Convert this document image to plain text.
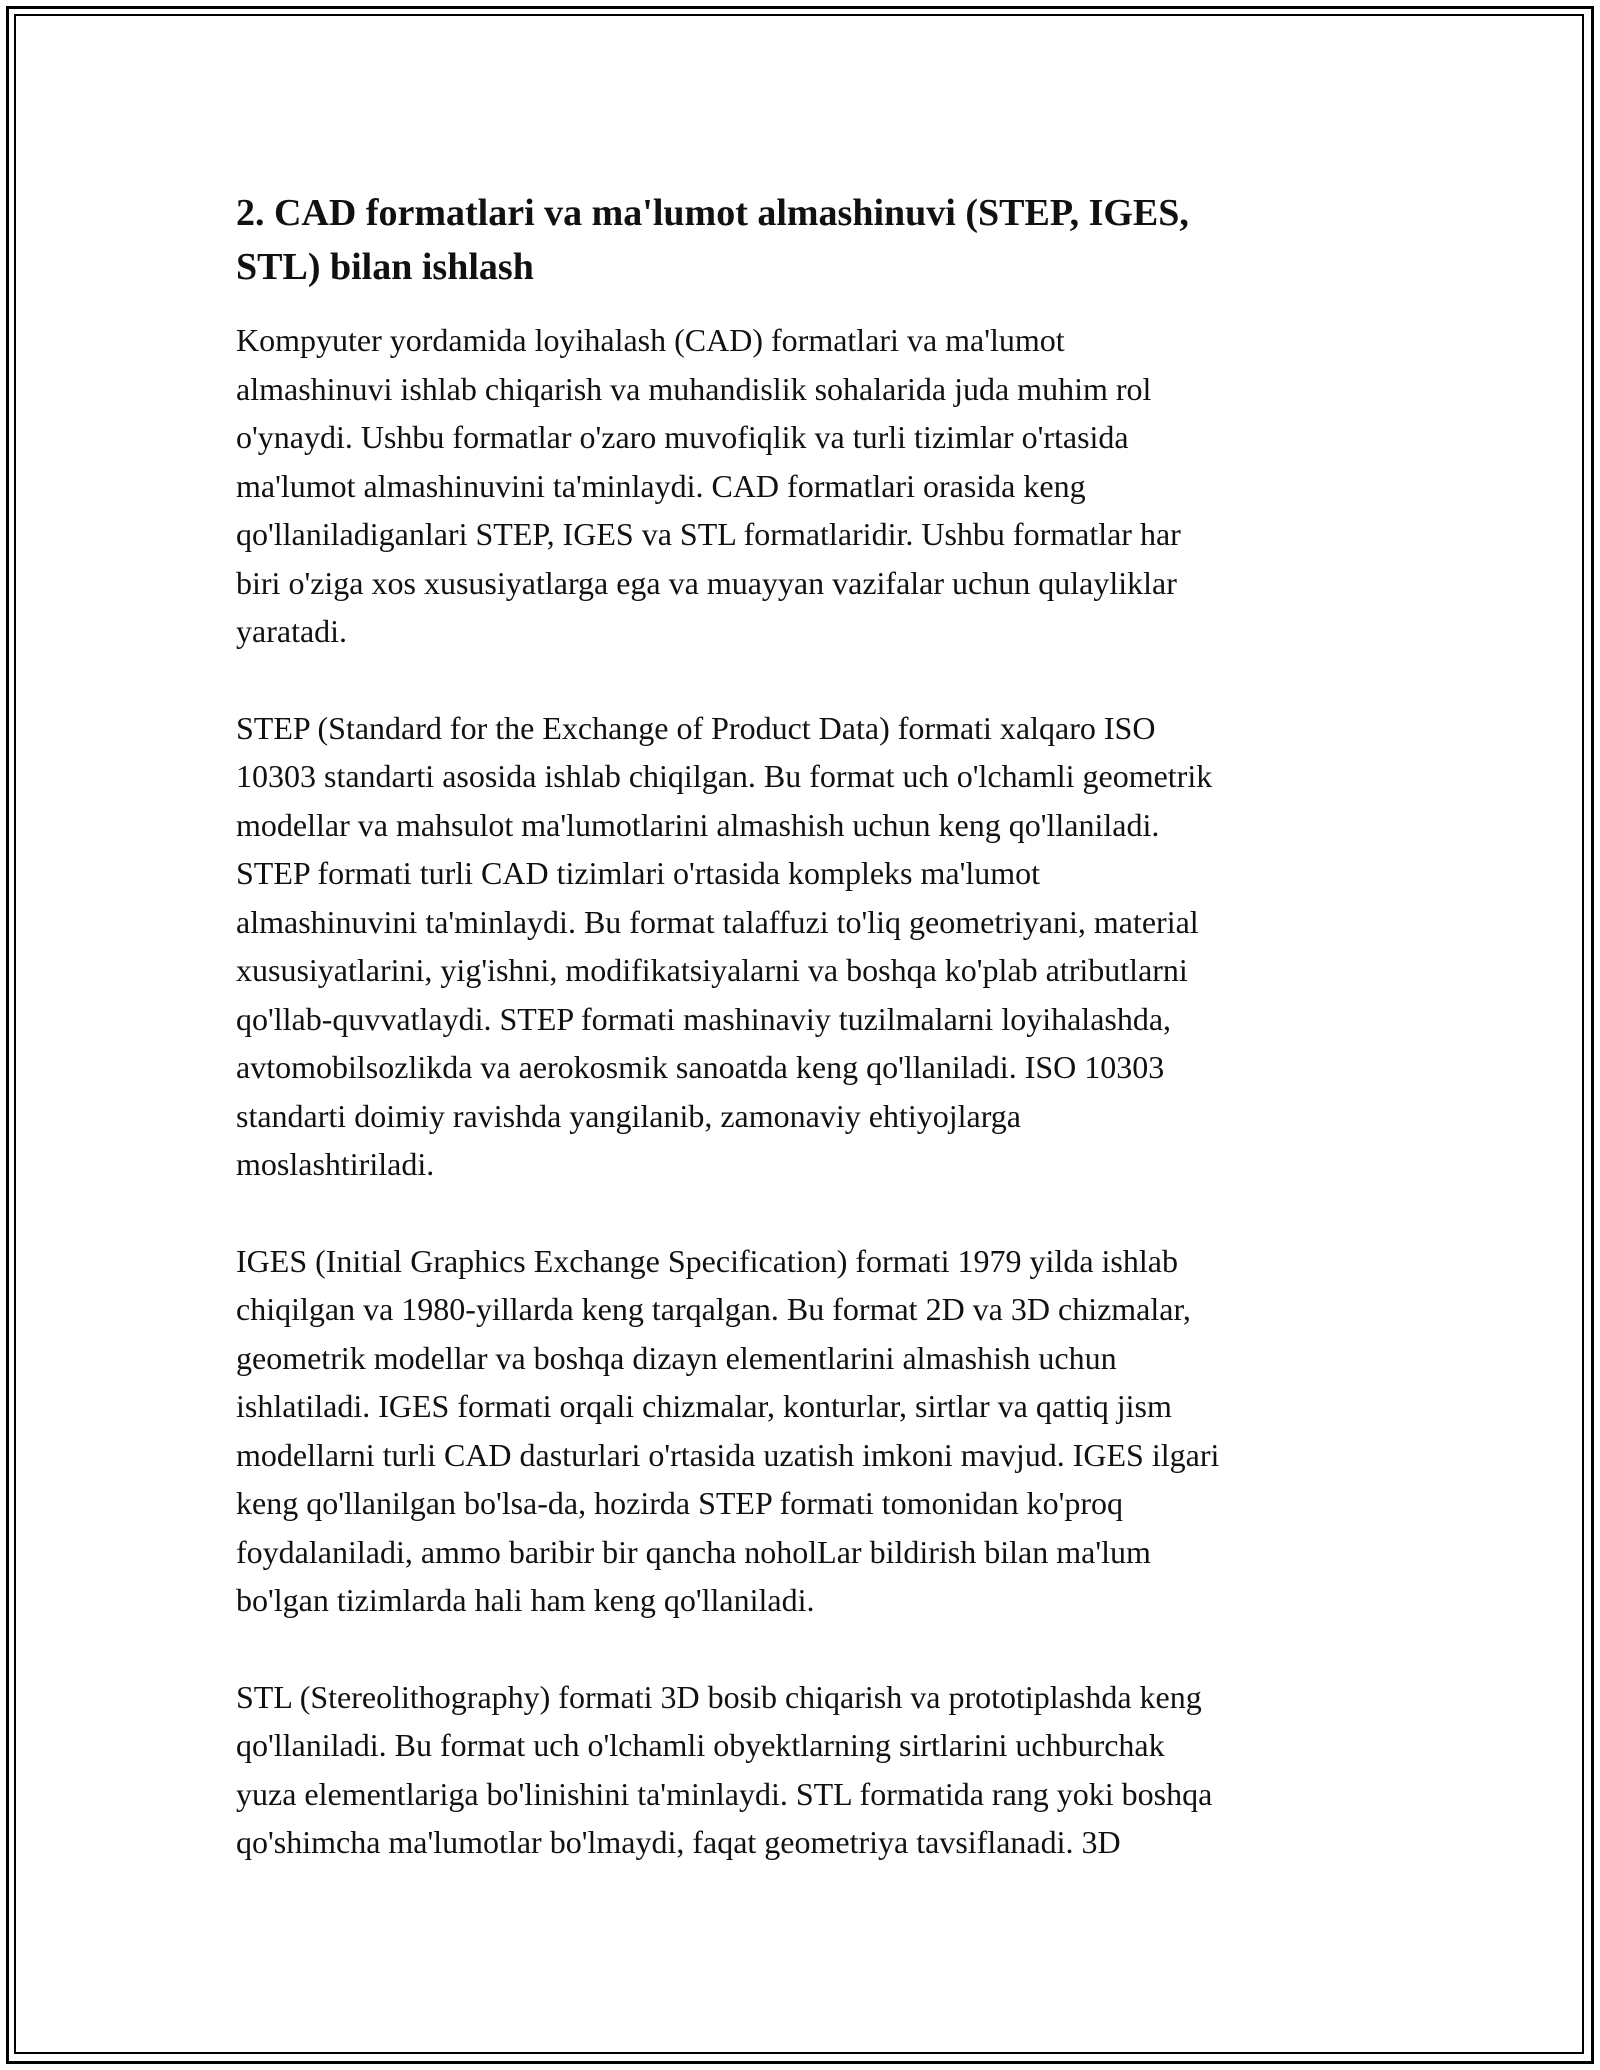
2. CAD formatlari va ma'lumot almashinuvi (STEP, IGES,
STL) bilan ishlash

Kompyuter yordamida loyihalash (CAD) formatlari va ma'lumot
almashinuvi ishlab chiqarish va muhandislik sohalarida juda muhim rol
o'ynaydi. Ushbu formatlar o'zaro muvofiqlik va turli tizimlar o'rtasida
ma'lumot almashinuvini ta'minlaydi. CAD formatlari orasida keng
qo'llaniladiganlari STEP, IGES va STL formatlaridir. Ushbu formatlar har
biri o'ziga xos xususiyatlarga ega va muayyan vazifalar uchun qulayliklar
yaratadi.

STEP (Standard for the Exchange of Product Data) formati xalqaro ISO
10303 standarti asosida ishlab chiqilgan. Bu format uch o'lchamli geometrik
modellar va mahsulot ma'lumotlarini almashish uchun keng qo'llaniladi.
STEP formati turli CAD tizimlari o'rtasida kompleks ma'lumot
almashinuvini ta'minlaydi. Bu format talaffuzi to'liq geometriyani, material
xususiyatlarini, yig'ishni, modifikatsiyalarni va boshqa ko'plab atributlarni
qo'llab-quvvatlaydi. STEP formati mashinaviy tuzilmalarni loyihalashda,
avtomobilsozlikda va aerokosmik sanoatda keng qo'llaniladi. ISO 10303
standarti doimiy ravishda yangilanib, zamonaviy ehtiyojlarga
moslashtiriladi.

IGES (Initial Graphics Exchange Specification) formati 1979 yilda ishlab
chiqilgan va 1980-yillarda keng tarqalgan. Bu format 2D va 3D chizmalar,
geometrik modellar va boshqa dizayn elementlarini almashish uchun
ishlatiladi. IGES formati orqali chizmalar, konturlar, sirtlar va qattiq jism
modellarni turli CAD dasturlari o'rtasida uzatish imkoni mavjud. IGES ilgari
keng qo'llanilgan bo'lsa-da, hozirda STEP formati tomonidan ko'proq
foydalaniladi, ammo baribir bir qancha noholLar bildirish bilan ma'lum
bo'lgan tizimlarda hali ham keng qo'llaniladi.

STL (Stereolithography) formati 3D bosib chiqarish va prototiplashda keng
qo'llaniladi. Bu format uch o'lchamli obyektlarning sirtlarini uchburchak
yuza elementlariga bo'linishini ta'minlaydi. STL formatida rang yoki boshqa
qo'shimcha ma'lumotlar bo'lmaydi, faqat geometriya tavsiflanadi. 3D
